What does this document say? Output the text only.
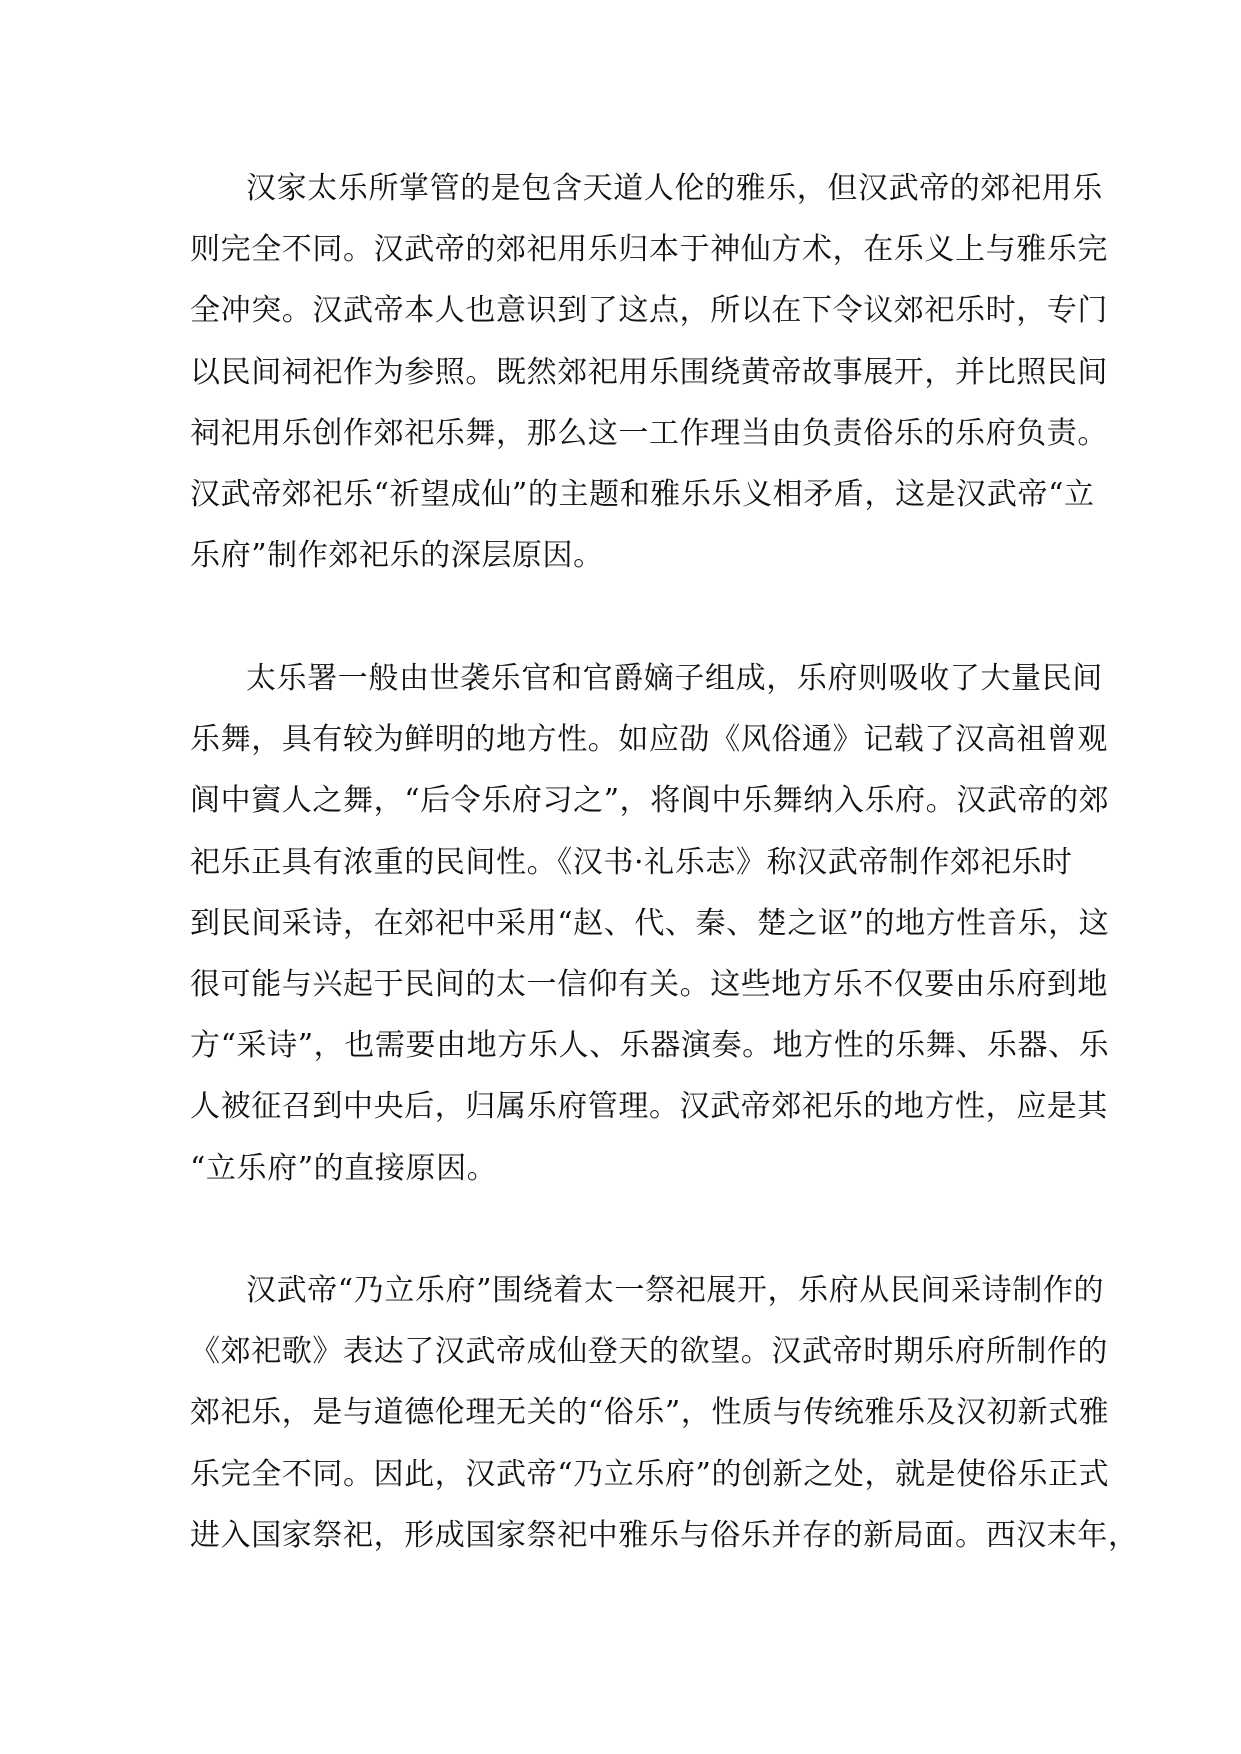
汉家太乐所掌管的是包含天道人伦的雅乐，但汉武帝的郊祀用乐
则完全不同。汉武帝的郊祀用乐归本于神仙方术，在乐义上与雅乐完
全冲突。汉武帝本人也意识到了这点，所以在下令议郊祀乐时，专门
以民间祠祀作为参照。既然郊祀用乐围绕黄帝故事展开，并比照民间
祠祀用乐创作郊祀乐舞，那么这一工作理当由负责俗乐的乐府负责。
汉武帝郊祀乐“祈望成仙”的主题和雅乐乐义相矛盾，这是汉武帝“立
乐府”制作郊祀乐的深层原因。
太乐署一般由世袭乐官和官爵嫡子组成，乐府则吸收了大量民间
乐舞，具有较为鲜明的地方性。如应劭《风俗通》记载了汉高祖曾观
阆中賨人之舞，“后令乐府习之”，将阆中乐舞纳入乐府。汉武帝的郊
祀乐正具有浓重的民间性。《汉书·礼乐志》称汉武帝制作郊祀乐时
到民间采诗，在郊祀中采用“赵、代、秦、楚之讴”的地方性音乐，这
很可能与兴起于民间的太一信仰有关。这些地方乐不仅要由乐府到地
方“采诗”，也需要由地方乐人、乐器演奏。地方性的乐舞、乐器、乐
人被征召到中央后，归属乐府管理。汉武帝郊祀乐的地方性，应是其
“立乐府”的直接原因。
汉武帝“乃立乐府”围绕着太一祭祀展开，乐府从民间采诗制作的
《郊祀歌》表达了汉武帝成仙登天的欲望。汉武帝时期乐府所制作的
郊祀乐，是与道德伦理无关的“俗乐”，性质与传统雅乐及汉初新式雅
乐完全不同。因此，汉武帝“乃立乐府”的创新之处，就是使俗乐正式
进入国家祭祀，形成国家祭祀中雅乐与俗乐并存的新局面。西汉末年，
